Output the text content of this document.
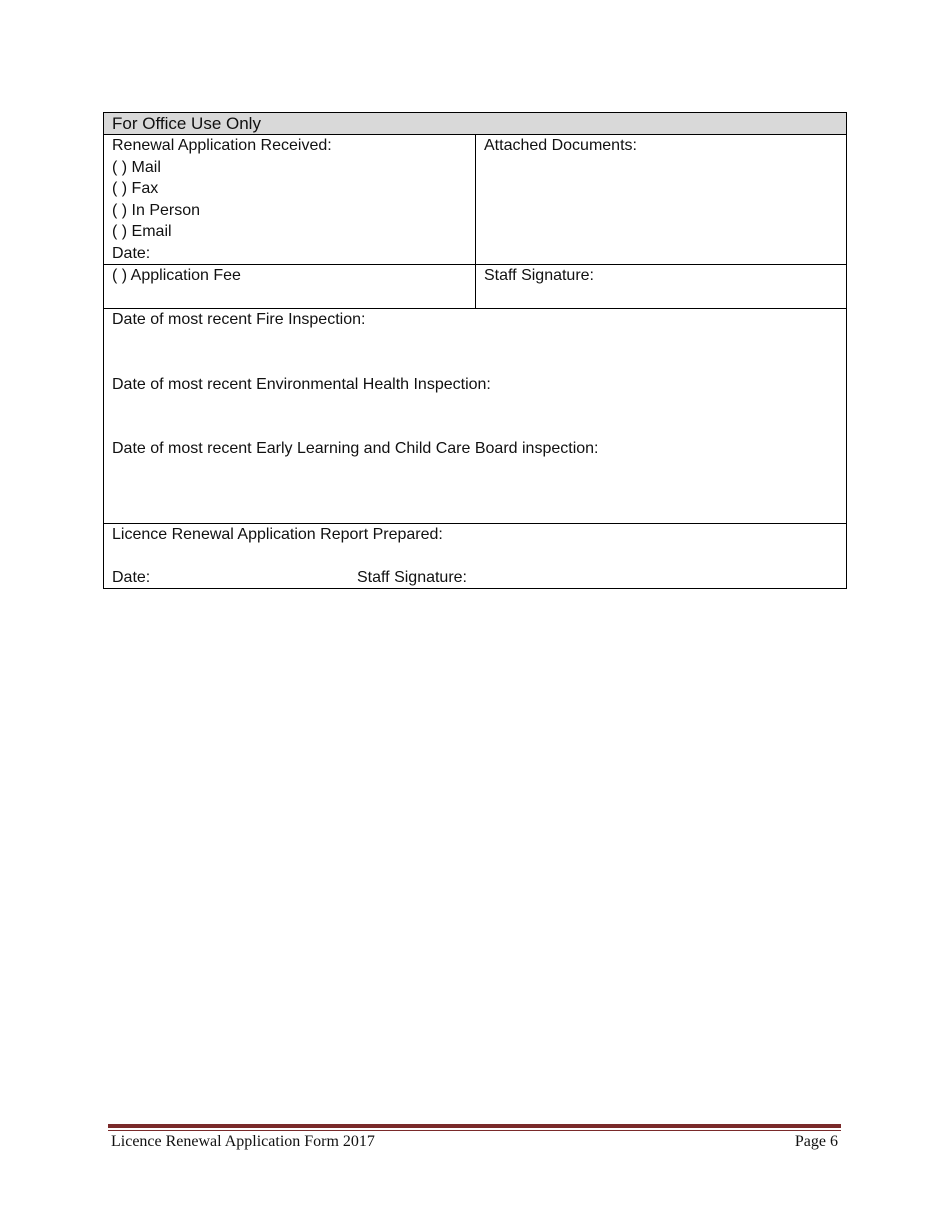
For Office Use Only
Renewal Application Received:
( ) Mail
( ) Fax
( ) In Person
( ) Email
Date:
Attached Documents:
( ) Application Fee	Staff Signature:
Date of most recent Fire Inspection:
Date of most recent Environmental Health Inspection:
Date of most recent Early Learning and Child Care Board inspection:
Licence Renewal Application Report Prepared:
Date:	Staff Signature:
Licence Renewal Application Form 2017	Page 6
